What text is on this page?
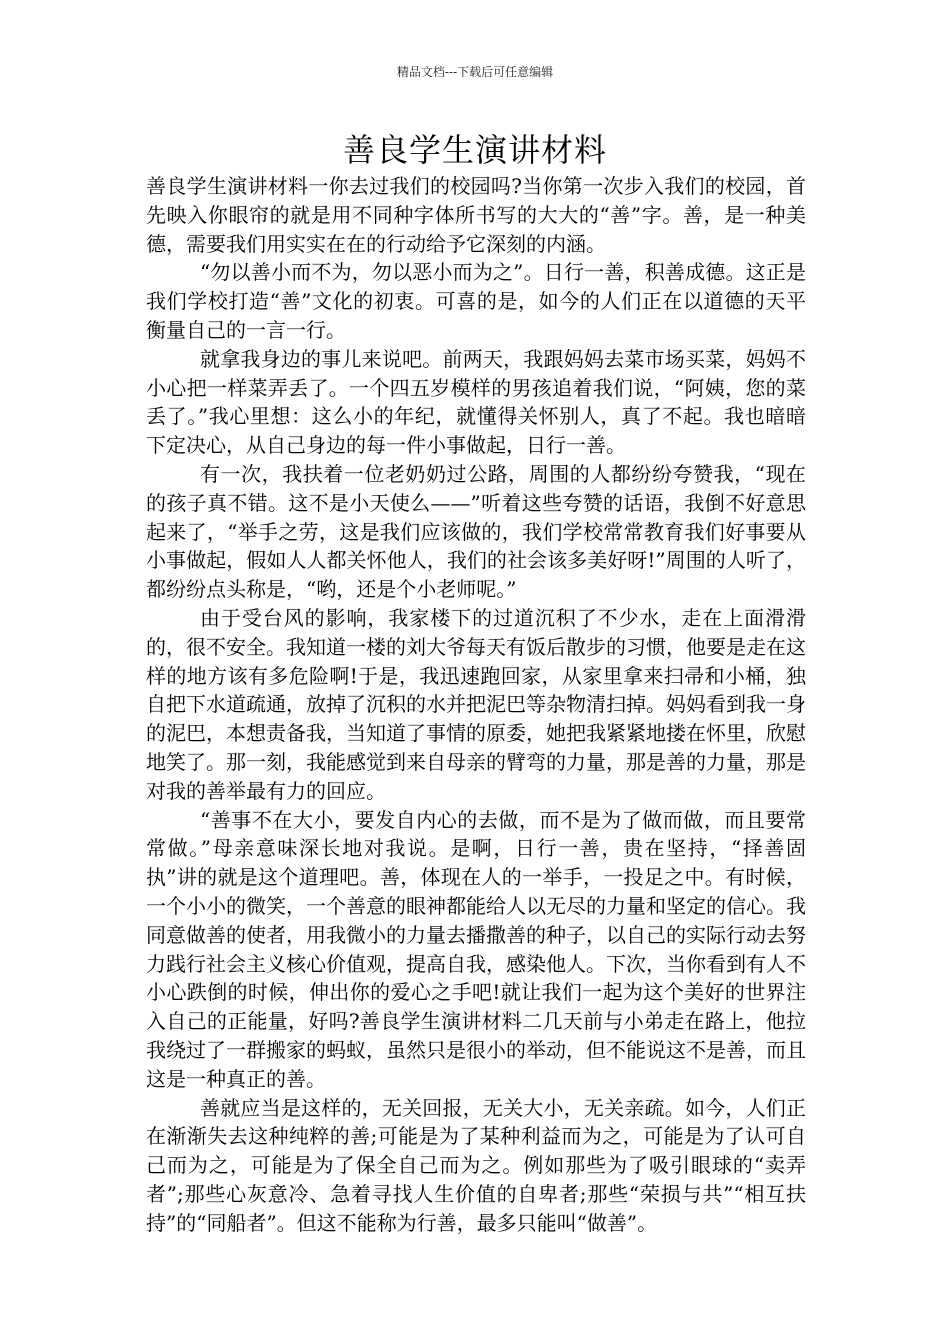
精品文档---下载后可任意编辑
善良学生演讲材料

善良学生演讲材料一你去过我们的校园吗?当你第一次步入我们的校园，首先映入你眼帘的就是用不同种字体所书写的大大的“善”字。善，是一种美德，需要我们用实实在在的行动给予它深刻的内涵。

“勿以善小而不为，勿以恶小而为之”。日行一善，积善成德。这正是我们学校打造“善”文化的初衷。可喜的是，如今的人们正在以道德的天平衡量自己的一言一行。

就拿我身边的事儿来说吧。前两天，我跟妈妈去菜市场买菜，妈妈不小心把一样菜弄丢了。一个四五岁模样的男孩追着我们说，“阿姨，您的菜丢了。”我心里想：这么小的年纪，就懂得关怀别人，真了不起。我也暗暗下定决心，从自己身边的每一件小事做起，日行一善。

有一次，我扶着一位老奶奶过公路，周围的人都纷纷夸赞我，“现在的孩子真不错。这不是小天使么——”听着这些夸赞的话语，我倒不好意思起来了，“举手之劳，这是我们应该做的，我们学校常常教育我们好事要从小事做起，假如人人都关怀他人，我们的社会该多美好呀!”周围的人听了，都纷纷点头称是，“哟，还是个小老师呢。”

由于受台风的影响，我家楼下的过道沉积了不少水，走在上面滑滑的，很不安全。我知道一楼的刘大爷每天有饭后散步的习惯，他要是走在这样的地方该有多危险啊!于是，我迅速跑回家，从家里拿来扫帚和小桶，独自把下水道疏通，放掉了沉积的水并把泥巴等杂物清扫掉。妈妈看到我一身的泥巴，本想责备我，当知道了事情的原委，她把我紧紧地搂在怀里，欣慰地笑了。那一刻，我能感觉到来自母亲的臂弯的力量，那是善的力量，那是对我的善举最有力的回应。

“善事不在大小，要发自内心的去做，而不是为了做而做，而且要常常做。”母亲意味深长地对我说。是啊，日行一善，贵在坚持，“择善固执”讲的就是这个道理吧。善，体现在人的一举手，一投足之中。有时候，一个小小的微笑，一个善意的眼神都能给人以无尽的力量和坚定的信心。我同意做善的使者，用我微小的力量去播撒善的种子，以自己的实际行动去努力践行社会主义核心价值观，提高自我，感染他人。下次，当你看到有人不小心跌倒的时候，伸出你的爱心之手吧!就让我们一起为这个美好的世界注入自己的正能量，好吗?善良学生演讲材料二几天前与小弟走在路上，他拉我绕过了一群搬家的蚂蚁，虽然只是很小的举动，但不能说这不是善，而且这是一种真正的善。

善就应当是这样的，无关回报，无关大小，无关亲疏。如今，人们正在渐渐失去这种纯粹的善;可能是为了某种利益而为之，可能是为了认可自己而为之，可能是为了保全自己而为之。例如那些为了吸引眼球的“卖弄者”;那些心灰意冷、急着寻找人生价值的自卑者;那些“荣损与共”“相互扶持”的“同船者”。但这不能称为行善，最多只能叫“做善”。
